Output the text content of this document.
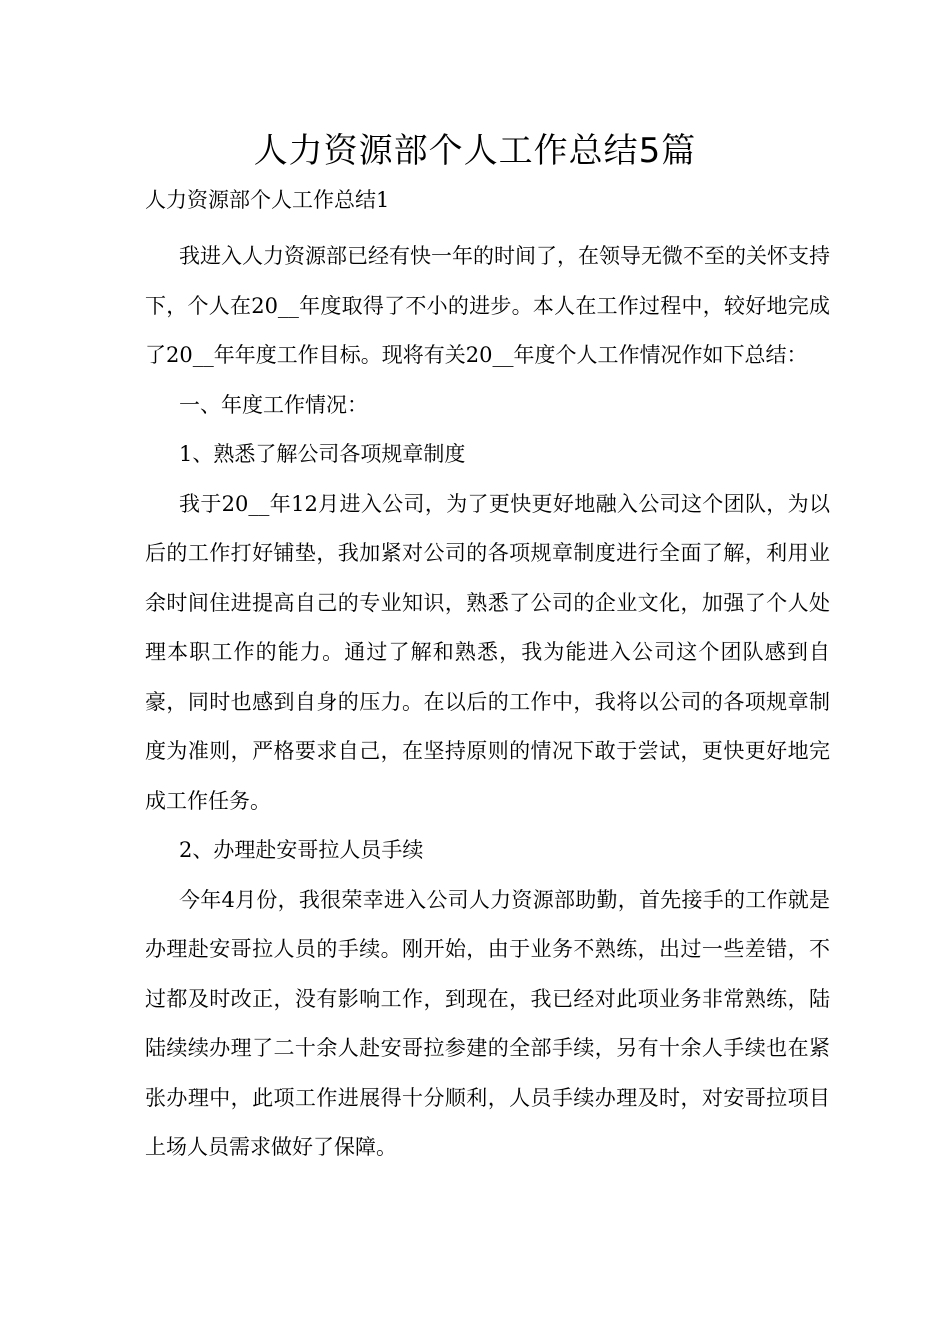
人力资源部个人工作总结5篇

人力资源部个人工作总结1

我进入人力资源部已经有快一年的时间了，在领导无微不至的关怀支持下，个人在20__年度取得了不小的进步。本人在工作过程中，较好地完成了20__年年度工作目标。现将有关20__年度个人工作情况作如下总结：

一、年度工作情况：

1、熟悉了解公司各项规章制度

我于20__年12月进入公司，为了更快更好地融入公司这个团队，为以后的工作打好铺垫，我加紧对公司的各项规章制度进行全面了解，利用业余时间住进提高自己的专业知识，熟悉了公司的企业文化，加强了个人处理本职工作的能力。通过了解和熟悉，我为能进入公司这个团队感到自豪，同时也感到自身的压力。在以后的工作中，我将以公司的各项规章制度为准则，严格要求自己，在坚持原则的情况下敢于尝试，更快更好地完成工作任务。

2、办理赴安哥拉人员手续

今年4月份，我很荣幸进入公司人力资源部助勤，首先接手的工作就是办理赴安哥拉人员的手续。刚开始，由于业务不熟练，出过一些差错，不过都及时改正，没有影响工作，到现在，我已经对此项业务非常熟练，陆陆续续办理了二十余人赴安哥拉参建的全部手续，另有十余人手续也在紧张办理中，此项工作进展得十分顺利，人员手续办理及时，对安哥拉项目上场人员需求做好了保障。
